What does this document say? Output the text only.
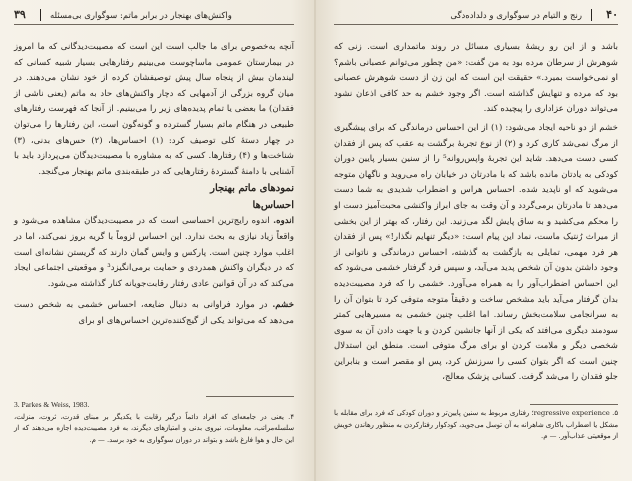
۳۹	واکنش‌های بهنجار در برابر ماتم: سوگواری بی‌مسئله

آنچه به‌خصوص برای ما جالب است این است که مصیبت‌دیدگانی که ما امروز در بیمارستان عمومی ماساچوست می‌بینیم رفتارهایی بسیار شبیه کسانی که لیندمان بیش از پنجاه سال پیش توصیفشان کرده از خود نشان می‌دهند. در میان گروه بزرگی از آدمهایی که دچار واکنش‌های حاد به ماتم (یعنی ناشی از فقدان) ما بعضی یا تمام پدیده‌های زیر را می‌بینیم. از آنجا که فهرست رفتارهای طبیعی در هنگام ماتم بسیار گسترده و گونه‌گون است، این رفتارها را می‌توان در چهار دستهٔ کلی توصیف کرد: (۱) احساس‌ها، (۲) حس‌های بدنی، (۳) شناخت‌ها و (۴) رفتارها. کسی که به مشاوره با مصیبت‌دیدگان می‌پردازد باید با آشنایی با دامنهٔ گستردهٔ رفتارهایی که در طبقه‌بندی ماتم بهنجار می‌گنجد.

نمودهای ماتم بهنجار

احساس‌ها

اندوه. اندوه رایج‌ترین احساسی است که در مصیبت‌دیدگان مشاهده می‌شود و واقعاً زیاد نیازی به بحث ندارد. این احساس لزوماً با گریه بروز نمی‌کند، اما در اغلب موارد چنین است. پارکس و وایس گمان دارند که گریستن نشانه‌ای است که در دیگران واکنش همدردی و حمایت برمی‌انگیزد³ و موقعیتی اجتماعی ایجاد می‌کند که در آن قوانین عادی رفتار رقابت‌جویانه کنار گذاشته می‌شود.

خشم. در موارد فراوانی به دنبال ضایعه، احساس خشمی به شخص دست می‌دهد که می‌تواند یکی از گیج‌کننده‌ترین احساس‌های او برای

3. Parkes & Weiss, 1983.

۴. یعنی در جامعه‌ای که افراد دائماً درگیر رقابت با یکدیگر بر مبنای قدرت، ثروت، منزلت، سلسله‌مراتب، معلومات، نیروی بدنی و امتیازهای دیگرند، به فرد مصیبت‌دیده اجازه می‌دهند که از این حال و هوا فارغ باشد و بتواند در دوران سوگواری به خود برسد. — م.

۴۰
رنج و التیام در سوگواری و دلداده‌دگی

باشد و از این رو ریشهٔ بسیاری مسائل در روند ماتمداری است. زنی که شوهرش از سرطان مرده بود به من گفت: «من چطور می‌توانم عصبانی باشم؟ او نمی‌خواست بمیرد.» حقیقت این است که این زن از دست شوهرش عصبانی بود که مرده و تنهایش گذاشته است. اگر وجود خشم به حد کافی اذعان نشود می‌تواند دوران عزاداری را پیچیده کند.

خشم از دو ناحیه ایجاد می‌شود: (۱) از این احساس درماندگی که برای پیشگیری از مرگ نمی‌شد کاری کرد و (۲) از نوع تجربهٔ برگشت به عقب که پس از فقدان کسی دست می‌دهد. شاید این تجربهٔ واپس‌روانه⁵ را از سنین بسیار پایین دوران کودکی به یادتان مانده باشد که با مادرتان در خیابان راه می‌روید و ناگهان متوجه می‌شوید که او ناپدید شده. احساس هراس و اضطراب شدیدی به شما دست می‌دهد تا مادرتان برمی‌گردد و آن وقت به جای ابراز واکنشی محبت‌آمیز دست او را محکم می‌کشید و به ساق پایش لگد می‌زنید. این رفتار، که بهتر از این بخشی از میراث رُنتیک ماست، نماد این پیام است: «دیگر تنهایم نگذار!» پس از فقدان هر فرد مهمی، تمایلی به بازگشت به گذشته، احساس درماندگی و ناتوانی از وجود داشتن بدون آن شخص پدید می‌آید، و سپس فرد گرفتار خشمی می‌شود که این احساس اضطراب‌آور را به همراه می‌آورد. خشمی را که فرد مصیبت‌دیده بدان گرفتار می‌آید باید مشخص ساخت و دقیقاً متوجه متوفی کرد تا بتوان آن را به سرانجامی سلامت‌بخش رساند. اما اغلب چنین خشمی به مسیرهایی کمتر سودمند دیگری می‌افتد که یکی از آنها جانشین کردن و یا جهت دادن آن به سوی شخصی دیگر و ملامت کردن او برای مرگ متوفی است. منطق این استدلال چنین است که اگر بتوان کسی را سرزنش کرد، پس او مقصر است و بنابراین جلو فقدان را می‌شد گرفت. کسانی پزشک معالج،

۵. regressive experience؛ رفتاری مربوط به سنین پایین‌تر و دوران کودکی که فرد برای مقابله با مشکل یا اضطراب باکاری شاهرانه به آن توسل می‌جوید، کودکوار رفتارکردن به منظور رهاندن خویش از موقعیتی عذاب‌آور. — م.
